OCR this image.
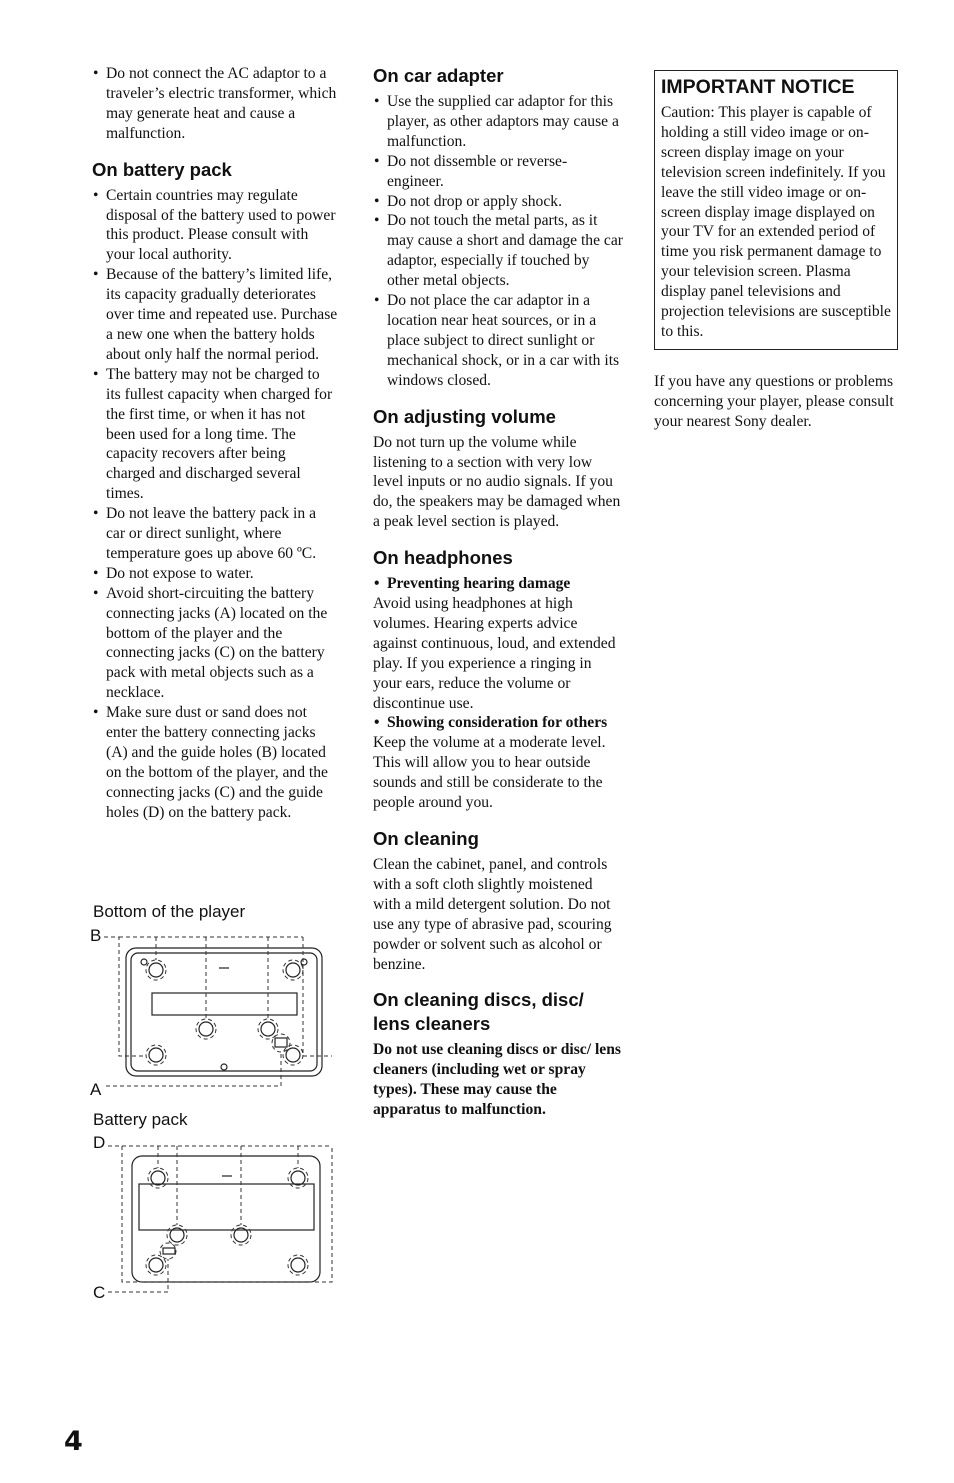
• Do not connect the AC adaptor to a traveler’s electric transformer, which may generate heat and cause a malfunction.
On battery pack
• Certain countries may regulate disposal of the battery used to power this product. Please consult with your local authority.
• Because of the battery’s limited life, its capacity gradually deteriorates over time and repeated use. Purchase a new one when the battery holds about only half the normal period.
• The battery may not be charged to its fullest capacity when charged for the first time, or when it has not been used for a long time. The capacity recovers after being charged and discharged several times.
• Do not leave the battery pack in a car or direct sunlight, where temperature goes up above 60 ºC.
• Do not expose to water.
• Avoid short-circuiting the battery connecting jacks (A) located on the bottom of the player and the connecting jacks (C) on the battery pack with metal objects such as a necklace.
• Make sure dust or sand does not enter the battery connecting jacks (A) and the guide holes (B) located on the bottom of the player, and the connecting jacks (C) and the guide holes (D) on the battery pack.
Bottom of the player
B
A
Battery pack
D
C
On car adapter
• Use the supplied car adaptor for this player, as other adaptors may cause a malfunction.
• Do not dissemble or reverse-engineer.
• Do not drop or apply shock.
• Do not touch the metal parts, as it may cause a short and damage the car adaptor, especially if touched by other metal objects.
• Do not place the car adaptor in a location near heat sources, or in a place subject to direct sunlight or mechanical shock, or in a car with its windows closed.
On adjusting volume

Do not turn up the volume while listening to a section with very low level inputs or no audio signals. If you do, the speakers may be damaged when a peak level section is played.

On headphones

• Preventing hearing damage

Avoid using headphones at high volumes. Hearing experts advice against continuous, loud, and extended play. If you experience a ringing in your ears, reduce the volume or discontinue use.

• Showing consideration for others

Keep the volume at a moderate level. This will allow you to hear outside sounds and still be considerate to the people around you.

On cleaning

Clean the cabinet, panel, and controls with a soft cloth slightly moistened with a mild detergent solution. Do not use any type of abrasive pad, scouring powder or solvent such as alcohol or benzine.

On cleaning discs, disc/ lens cleaners

Do not use cleaning discs or disc/ lens cleaners (including wet or spray types). These may cause the apparatus to malfunction.

IMPORTANT NOTICE

Caution: This player is capable of holding a still video image or on-screen display image on your television screen indefinitely. If you leave the still video image or on-screen display image displayed on your TV for an extended period of time you risk permanent damage to your television screen. Plasma display panel televisions and projection televisions are susceptible to this.

If you have any questions or problems concerning your player, please consult your nearest Sony dealer.

4
